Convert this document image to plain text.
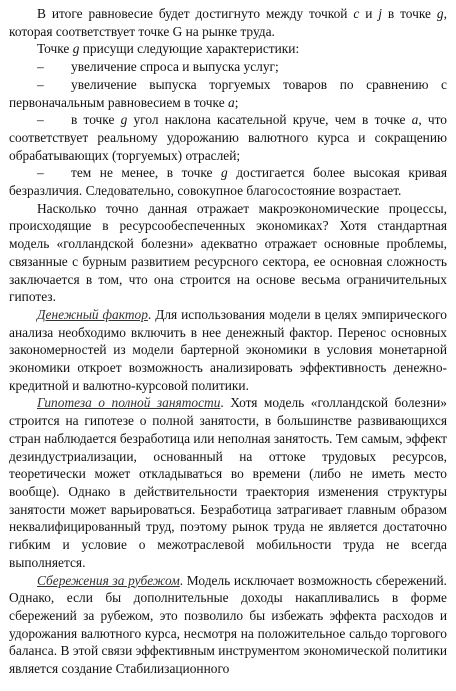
В итоге равновесие будет достигнуто между точкой c и j в точке g, которая соответствует точке G на рынке труда.

Точке g присущи следующие характеристики:

– увеличение спроса и выпуска услуг;

– увеличение выпуска торгуемых товаров по сравнению с первоначальным равновесием в точке a;

– в точке g угол наклона касательной круче, чем в точке a, что соответствует реальному удорожанию валютного курса и сокращению обрабатывающих (торгуемых) отраслей;

– тем не менее, в точке g достигается более высокая кривая безразличия. Следовательно, совокупное благосостояние возрастает.

Насколько точно данная отражает макроэкономические процессы, происходящие в ресурсообеспеченных экономиках? Хотя стандартная модель «голландской болезни» адекватно отражает основные проблемы, связанные с бурным развитием ресурсного сектора, ее основная сложность заключается в том, что она строится на основе весьма ограничительных гипотез.

Денежный фактор. Для использования модели в целях эмпирического анализа необходимо включить в нее денежный фактор. Перенос основных закономерностей из модели бартерной экономики в условия монетарной экономики откроет возможность анализировать эффективность денежно-кредитной и валютно-курсовой политики.

Гипотеза о полной занятости. Хотя модель «голландской болезни» строится на гипотезе о полной занятости, в большинстве развивающихся стран наблюдается безработица или неполная занятость. Тем самым, эффект дезиндустриализации, основанный на оттоке трудовых ресурсов, теоретически может откладываться во времени (либо не иметь место вообще). Однако в действительности траектория изменения структуры занятости может варьироваться. Безработица затрагивает главным образом неквалифицированный труд, поэтому рынок труда не является достаточно гибким и условие о межотраслевой мобильности труда не всегда выполняется.

Сбережения за рубежом. Модель исключает возможность сбережений. Однако, если бы дополнительные доходы накапливались в форме сбережений за рубежом, это позволило бы избежать эффекта расходов и удорожания валютного курса, несмотря на положительное сальдо торгового баланса. В этой связи эффективным инструментом экономической политики является создание Стабилизационного
